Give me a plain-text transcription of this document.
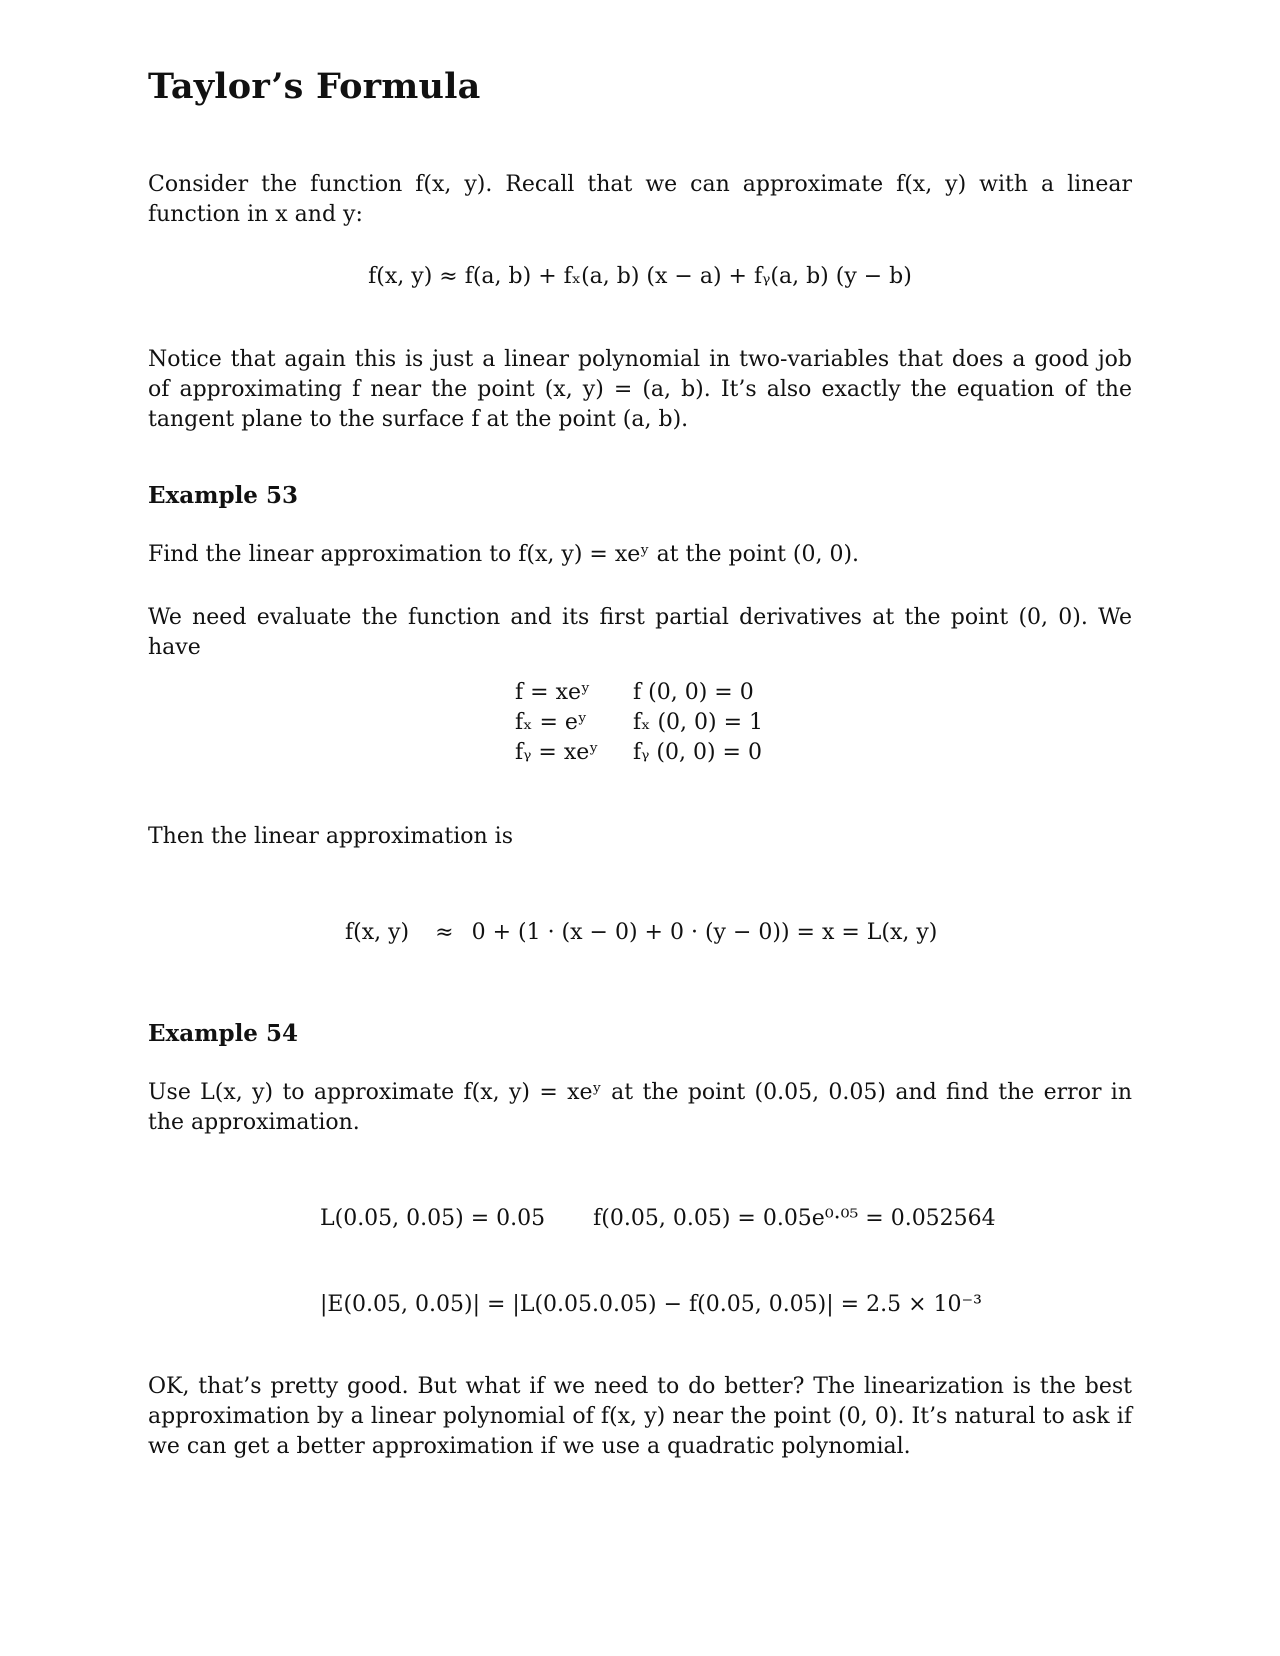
Taylor’s Formula

Consider the function f(x, y). Recall that we can approximate f(x, y) with a linear function in x and y:

f(x, y) ≈ f(a, b) + fₓ(a, b) (x − a) + fᵧ(a, b) (y − b)

Notice that again this is just a linear polynomial in two-variables that does a good job of approximating f near the point (x, y) = (a, b). It’s also exactly the equation of the tangent plane to the surface f at the point (a, b).

Example 53

Find the linear approximation to f(x, y) = xeʸ at the point (0, 0).

We need evaluate the function and its first partial derivatives at the point (0, 0). We have

f = xeʸ	f (0, 0) = 0
fₓ = eʸ	fₓ (0, 0) = 1
fᵧ = xeʸ	fᵧ (0, 0) = 0

Then the linear approximation is

f(x, y) ≈ 0 + (1 · (x − 0) + 0 · (y − 0)) = x = L(x, y)
Example 54

Use L(x, y) to approximate f(x, y) = xeʸ at the point (0.05, 0.05) and find the error in the approximation.

L(0.05, 0.05) = 0.05 f(0.05, 0.05) = 0.05e⁰·⁰⁵ = 0.052564
|E(0.05, 0.05)| = |L(0.05.0.05) − f(0.05, 0.05)| = 2.5 × 10⁻³

OK, that’s pretty good. But what if we need to do better? The linearization is the best approximation by a linear polynomial of f(x, y) near the point (0, 0). It’s natural to ask if we can get a better approximation if we use a quadratic polynomial.
